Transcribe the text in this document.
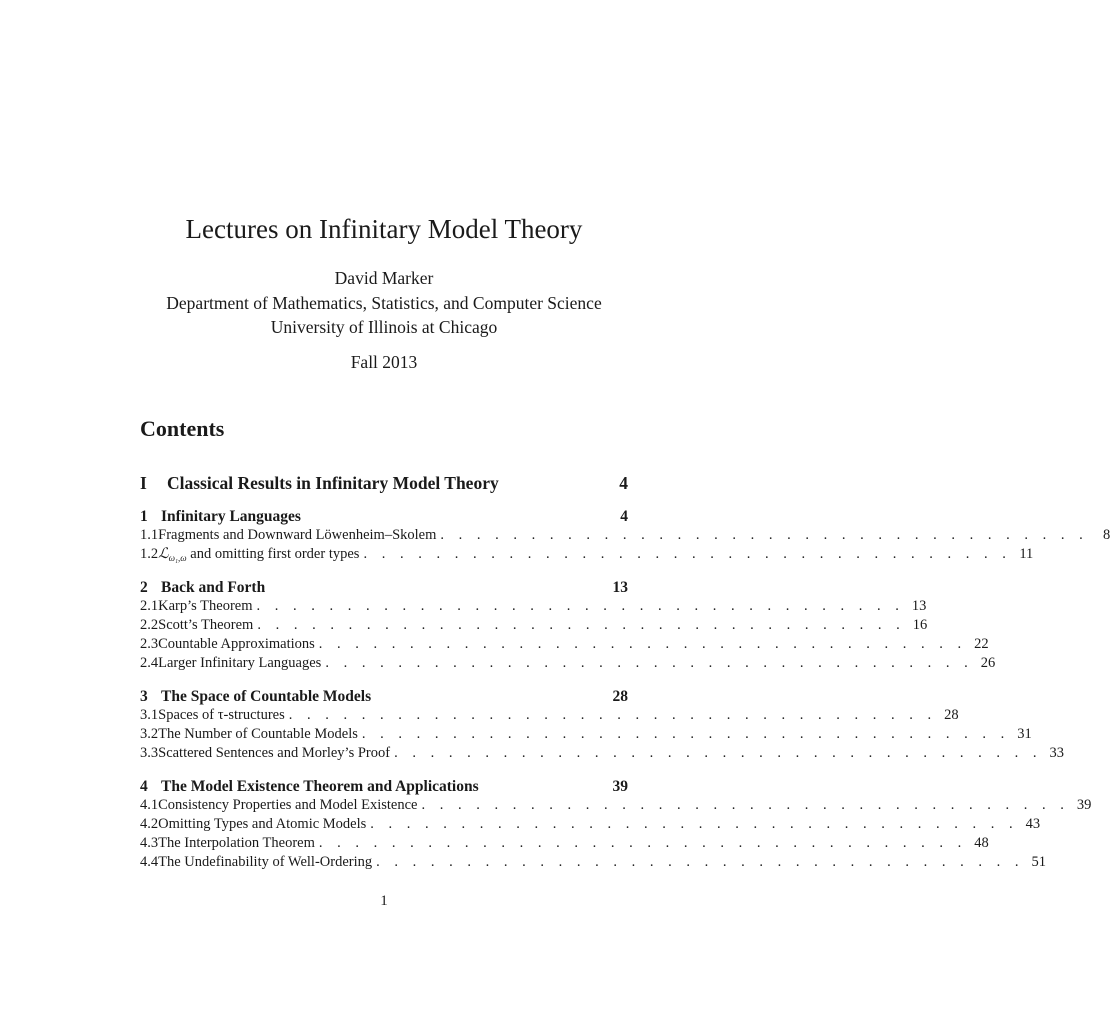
Lectures on Infinitary Model Theory
David Marker
Department of Mathematics, Statistics, and Computer Science
University of Illinois at Chicago
Fall 2013
Contents
I	Classical Results in Infinitary Model Theory	4
1 Infinitary Languages	4
1.1 Fragments and Downward Löwenheim–Skolem . . . . . . . . . . . . . . . . . . . . . . . . . . . . . . . . . . . .	8
1.2 ℒ$_{\omega_1,\omega}$ and omitting first order types . . . . . . . . . . . . . . . . . . . . . . . . . . . . . . . . . . . . 11
2 Back and Forth	13
2.1 Karp’s Theorem . . . . . . . . . . . . . . . . . . . . . . . . . . . . . . . . . . . . 13
2.2 Scott’s Theorem . . . . . . . . . . . . . . . . . . . . . . . . . . . . . . . . . . . . 16
2.3 Countable Approximations . . . . . . . . . . . . . . . . . . . . . . . . . . . . . . . . . . . . 22
2.4 Larger Infinitary Languages . . . . . . . . . . . . . . . . . . . . . . . . . . . . . . . . . . . . 26
3 The Space of Countable Models	28
3.1 Spaces of τ-structures . . . . . . . . . . . . . . . . . . . . . . . . . . . . . . . . . . . . 28
3.2 The Number of Countable Models . . . . . . . . . . . . . . . . . . . . . . . . . . . . . . . . . . . . 31
3.3 Scattered Sentences and Morley’s Proof . . . . . . . . . . . . . . . . . . . . . . . . . . . . . . . . . . . . 33
4 The Model Existence Theorem and Applications	39
4.1 Consistency Properties and Model Existence . . . . . . . . . . . . . . . . . . . . . . . . . . . . . . . . . . . . 39
4.2 Omitting Types and Atomic Models . . . . . . . . . . . . . . . . . . . . . . . . . . . . . . . . . . . . 43
4.3 The Interpolation Theorem . . . . . . . . . . . . . . . . . . . . . . . . . . . . . . . . . . . . 48
4.4 The Undefinability of Well-Ordering . . . . . . . . . . . . . . . . . . . . . . . . . . . . . . . . . . . . 51
1
